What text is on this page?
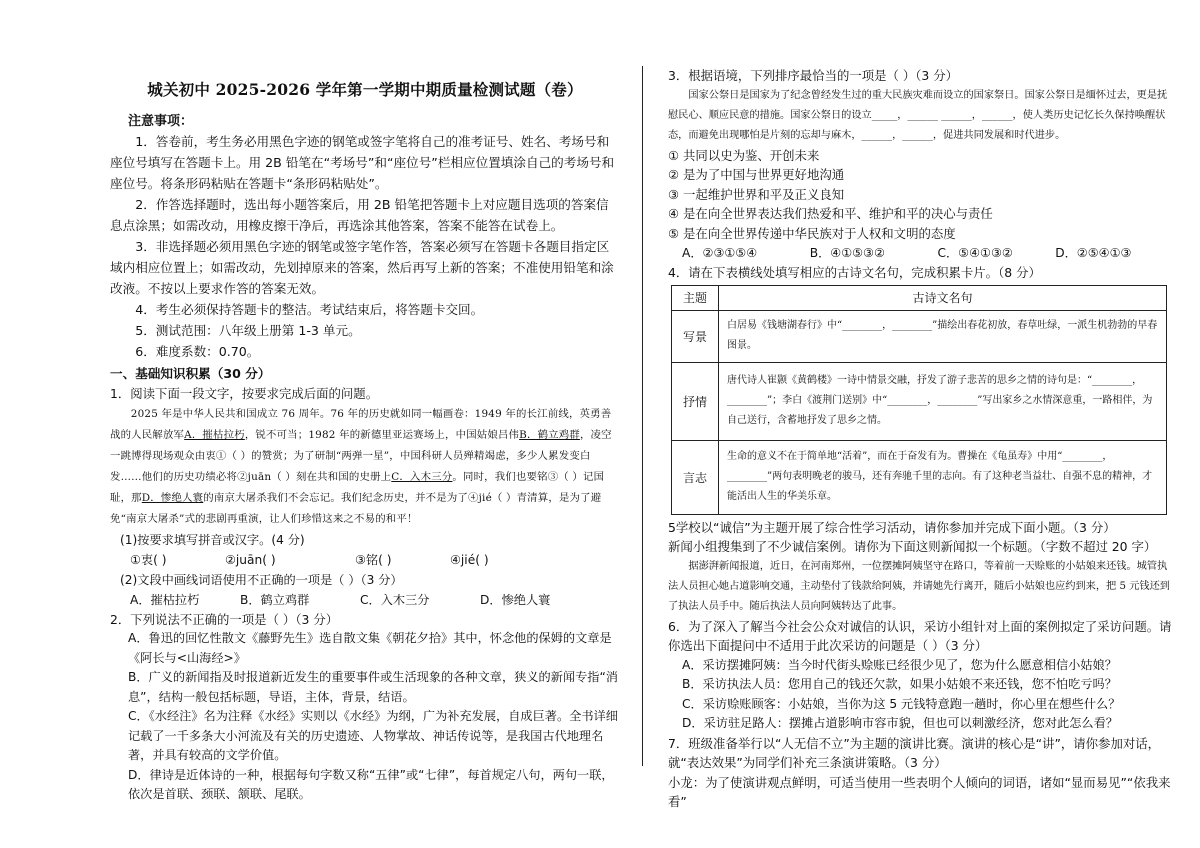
城关初中 2025-2026 学年第一学期中期质量检测试题（卷）
注意事项：

1．答卷前，考生务必用黑色字迹的钢笔或签字笔将自己的准考证号、姓名、考场号和座位号填写在答题卡上。用 2B 铅笔在“考场号”和“座位号”栏相应位置填涂自己的考场号和座位号。将条形码粘贴在答题卡“条形码粘贴处”。

2．作答选择题时，选出每小题答案后，用 2B 铅笔把答题卡上对应题目选项的答案信息点涂黑；如需改动，用橡皮擦干净后，再选涂其他答案，答案不能答在试卷上。

3．非选择题必须用黑色字迹的钢笔或签字笔作答，答案必须写在答题卡各题目指定区域内相应位置上；如需改动，先划掉原来的答案，然后再写上新的答案；不准使用铅笔和涂改液。不按以上要求作答的答案无效。

4．考生必须保持答题卡的整洁。考试结束后，将答题卡交回。

5．测试范围：八年级上册第 1-3 单元。

6．难度系数：0.70。

一、基础知识积累（30 分）

1．阅读下面一段文字，按要求完成后面的问题。

2025 年是中华人民共和国成立 76 周年。76 年的历史就如同一幅画卷：1949 年的长江前线，英勇善战的人民解放军A．摧枯拉朽，锐不可当；1982 年的新德里亚运赛场上，中国姑娘吕伟B．鹤立鸡群，凌空一跳博得现场观众由衷①（ ）的赞赏；为了研制“两弹一星”，中国科研人员殚精竭虑，多少人累发变白发……他们的历史功绩必将②juān（ ）刻在共和国的史册上C．入木三分。同时，我们也要铭③（ ）记国耻，那D．惨绝人寰的南京大屠杀我们不会忘记。我们纪念历史，并不是为了④jié（ ）青清算，是为了避免“南京大屠杀”式的悲剧再重演，让人们珍惜这来之不易的和平！

(1)按要求填写拼音或汉字。(4 分)

①衷( )	②juān( )	③铭( )	④jié( )

(2)文段中画线词语使用不正确的一项是（ ）（3 分）

A．摧枯拉朽	B．鹤立鸡群	C．入木三分	D．惨绝人寰

2．下列说法不正确的一项是（ ）（3 分）

A．鲁迅的回忆性散文《藤野先生》选自散文集《朝花夕拾》其中，怀念他的保姆的文章是《阿长与<山海经>》

B．广义的新闻指及时报道新近发生的重要事件或生活现象的各种文章，狭义的新闻专指“消息”，结构一般包括标题，导语，主体，背景，结语。

C．《水经注》名为注释《水经》实则以《水经》为纲，广为补充发展，自成巨著。全书详细记载了一千多条大小河流及有关的历史遗迹、人物掌故、神话传说等，是我国古代地理名著，并具有较高的文学价值。

D．律诗是近体诗的一种，根据每句字数又称“五律”或“七律”，每首规定八句，两句一联，依次是首联、颈联、颔联、尾联。

3．根据语境，下列排序最恰当的一项是（ ）（3 分）

国家公祭日是国家为了纪念曾经发生过的重大民族灾难而设立的国家祭日。国家公祭日是缅怀过去，更是抚慰民心、顺应民意的措施。国家公祭日的设立_____，______ ______，______，使人类历史记忆长久保持唤醒状态，而避免出现哪怕是片刻的忘却与麻木，______，______，促进共同发展和时代进步。

① 共同以史为鉴、开创未来

② 是为了中国与世界更好地沟通

③ 一起维护世界和平及正义良知

④ 是在向全世界表达我们热爱和平、维护和平的决心与责任

⑤ 是在向全世界传递中华民族对于人权和文明的态度

A．②③①⑤④	B．④①⑤③②	C．⑤④①③②	D．②⑤④①③

4．请在下表横线处填写相应的古诗文名句，完成积累卡片。（8 分）

主题	古诗文名句
写景	白居易《钱塘湖春行》中“________，________”描绘出春花初放，春草吐绿，一派生机勃勃的早春图景。
抒情	唐代诗人崔颢《黄鹤楼》一诗中情景交融，抒发了游子悲苦的思乡之情的诗句是：“________，________”；李白《渡荆门送别》中“________，________”写出家乡之水情深意重，一路相伴，为自己送行，含蓄地抒发了思乡之情。
言志	生命的意义不在于简单地“活着”，而在于奋发有为。曹操在《龟虽寿》中用“________，________”两句表明晚老的骏马，还有奔驰千里的志向。有了这种老当益壮、自强不息的精神，才能活出人生的华美乐章。

5学校以“诚信”为主题开展了综合性学习活动，请你参加并完成下面小题。（3 分）

新闻小组搜集到了不少诚信案例。请你为下面这则新闻拟一个标题。（字数不超过 20 字）

据澎湃新闻报道，近日，在河南郑州，一位摆摊阿姨坚守在路口，等着前一天赊账的小姑娘来还钱。城管执法人员担心她占道影响交通，主动垫付了钱款给阿姨，并请她先行离开，随后小姑娘也应约到来，把 5 元钱还到了执法人员手中。随后执法人员向阿姨转达了此事。

6．为了深入了解当今社会公众对诚信的认识，采访小组针对上面的案例拟定了采访问题。请你选出下面提问中不适用于此次采访的问题是（ ）（3 分）

A．采访摆摊阿姨：当今时代街头赊账已经很少见了，您为什么愿意相信小姑娘？

B．采访执法人员：您用自己的钱还欠款，如果小姑娘不来还钱，您不怕吃亏吗？

C．采访赊账顾客：小姑娘，当你为这 5 元钱特意跑一趟时，你心里在想些什么？

D．采访驻足路人：摆摊占道影响市容市貌，但也可以刺激经济，您对此怎么看？

7．班级准备举行以“人无信不立”为主题的演讲比赛。演讲的核心是“讲”，请你参加对话，就“表达效果”为同学们补充三条演讲策略。（3 分）

小龙：为了使演讲观点鲜明，可适当使用一些表明个人倾向的词语，诸如“显而易见”“依我来看”
